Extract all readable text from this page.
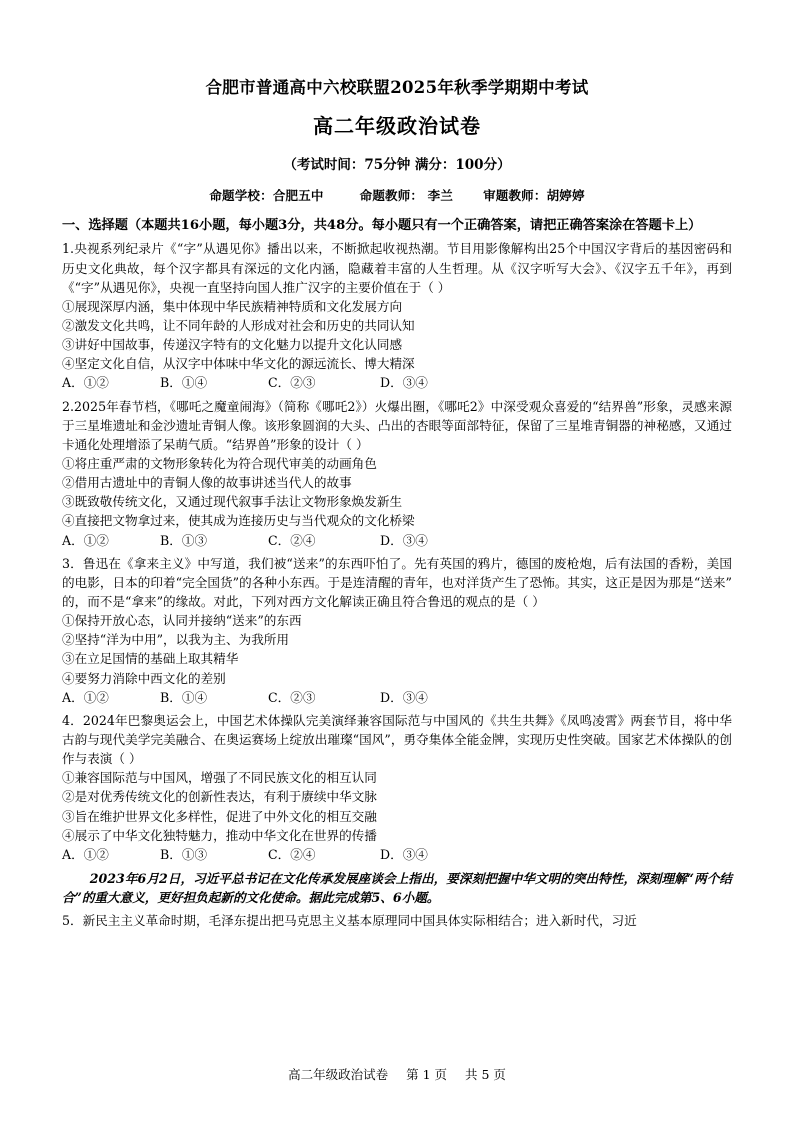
合肥市普通高中六校联盟2025年秋季学期期中考试
高二年级政治试卷
（考试时间：75分钟 满分：100分）
命题学校：合肥五中	命题教师： 李兰 审题教师：胡婷婷
一、选择题（本题共16小题，每小题3分，共48分。每小题只有一个正确答案，请把正确答案涂在答题卡上）
1.央视系列纪录片《“字”从遇见你》播出以来，不断掀起收视热潮。节目用影像解构出25个中国汉字背后的基因密码和历史文化典故，每个汉字都具有深远的文化内涵，隐藏着丰富的人生哲理。从《汉字听写大会》、《汉字五千年》，再到《“字”从遇见你》，央视一直坚持向国人推广汉字的主要价值在于（ ）
①展现深厚内涵，集中体现中华民族精神特质和文化发展方向
②激发文化共鸣，让不同年龄的人形成对社会和历史的共同认知
③讲好中国故事，传递汉字特有的文化魅力以提升文化认同感
④坚定文化自信，从汉字中体味中华文化的源远流长、博大精深
A．①②	B．①④	C．②③	D．③④
2.2025年春节档，《哪吒之魔童闹海》（简称《哪吒2》）火爆出圈，《哪吒2》中深受观众喜爱的“结界兽”形象，灵感来源于三星堆遗址和金沙遗址青铜人像。该形象圆润的大头、凸出的杏眼等面部特征，保留了三星堆青铜器的神秘感，又通过卡通化处理增添了呆萌气质。“结界兽”形象的设计（ ）
①将庄重严肃的文物形象转化为符合现代审美的动画角色
②借用古遗址中的青铜人像的故事讲述当代人的故事
③既致敬传统文化，又通过现代叙事手法让文物形象焕发新生
④直接把文物拿过来，使其成为连接历史与当代观众的文化桥梁
A．①②	B．①③	C．②④	D．③④
3．鲁迅在《拿来主义》中写道，我们被“送来”的东西吓怕了。先有英国的鸦片，德国的废枪炮，后有法国的香粉，美国的电影，日本的印着“完全国货”的各种小东西。于是连清醒的青年，也对洋货产生了恐怖。其实，这正是因为那是“送来”的，而不是“拿来”的缘故。对此，下列对西方文化解读正确且符合鲁迅的观点的是（ ）
①保持开放心态，认同并接纳“送来”的东西
②坚持“洋为中用”，以我为主、为我所用
③在立足国情的基础上取其精华
④要努力消除中西文化的差别
A．①②	B．①④	C．②③	D．③④
4．2024年巴黎奥运会上，中国艺术体操队完美演绎兼容国际范与中国风的《共生共舞》《凤鸣凌霄》两套节目，将中华古韵与现代美学完美融合、在奥运赛场上绽放出璀璨“国风”，勇夺集体全能金牌，实现历史性突破。国家艺术体操队的创作与表演（ ）
①兼容国际范与中国风，增强了不同民族文化的相互认同
②是对优秀传统文化的创新性表达，有利于赓续中华文脉
③旨在维护世界文化多样性，促进了中外文化的相互交融
④展示了中华文化独特魅力，推动中华文化在世界的传播
A．①②	B．①③	C．②④	D．③④
2023年6月2日，习近平总书记在文化传承发展座谈会上指出，要深刻把握中华文明的突出特性，深刻理解“两个结合”的重大意义，更好担负起新的文化使命。据此完成第5、6小题。
5．新民主主义革命时期，毛泽东提出把马克思主义基本原理同中国具体实际相结合；进入新时代，习近
高二年级政治试卷 第 1 页 共 5 页
